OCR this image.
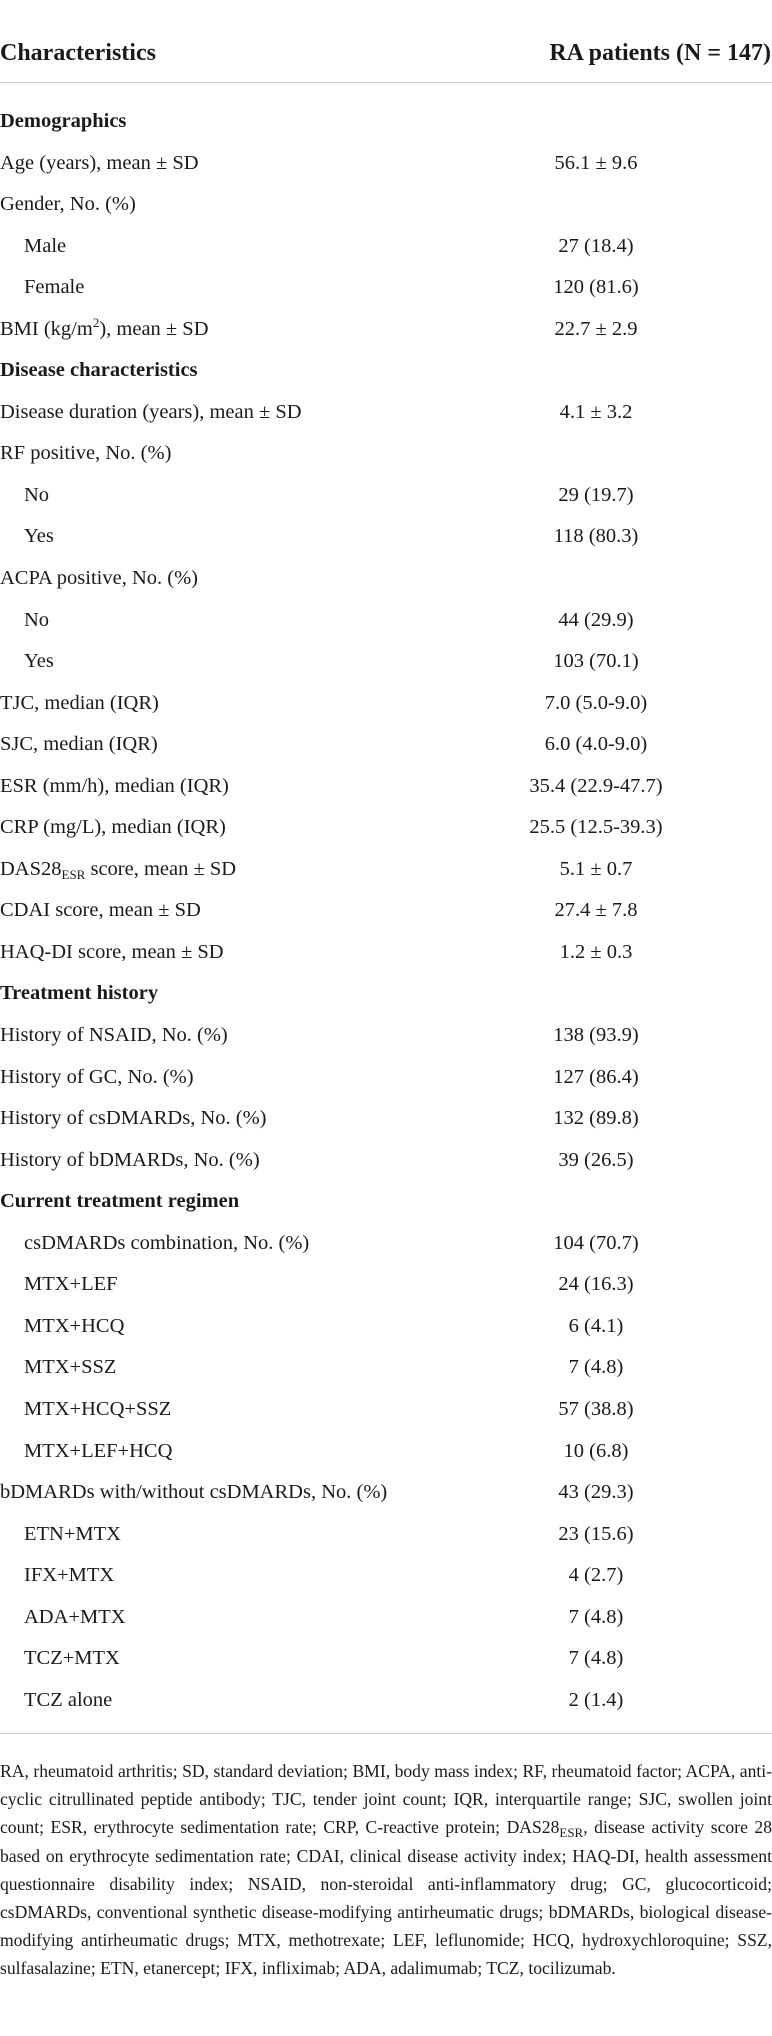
Characteristics	RA patients (N = 147)
Demographics
Age (years), mean ± SD	56.1 ± 9.6
Gender, No. (%)
Male	27 (18.4)
Female	120 (81.6)
BMI $(kg/m^2)$, mean ± SD	22.7 ± 2.9
Disease characteristics
Disease duration (years), mean ± SD	4.1 ± 3.2
RF positive, No. (%)
No	29 (19.7)
Yes	118 (80.3)
ACPA positive, No. (%)
No	44 (29.9)
Yes	103 (70.1)
TJC, median (IQR)	7.0 (5.0-9.0)
SJC, median (IQR)	6.0 (4.0-9.0)
ESR (mm/h), median (IQR)	35.4 (22.9-47.7)
CRP (mg/L), median (IQR)	25.5 (12.5-39.3)
$DAS28_{ESR}$ score, mean ± SD	5.1 ± 0.7
CDAI score, mean ± SD	27.4 ± 7.8
HAQ-DI score, mean ± SD	1.2 ± 0.3
Treatment history
History of NSAID, No. (%)	138 (93.9)
History of GC, No. (%)	127 (86.4)
History of csDMARDs, No. (%)	132 (89.8)
History of bDMARDs, No. (%)	39 (26.5)
Current treatment regimen
csDMARDs combination, No. (%)	104 (70.7)
MTX+LEF	24 (16.3)
MTX+HCQ	6 (4.1)
MTX+SSZ	7 (4.8)
MTX+HCQ+SSZ	57 (38.8)
MTX+LEF+HCQ	10 (6.8)
bDMARDs with/without csDMARDs, No. (%)	43 (29.3)
ETN+MTX	23 (15.6)
IFX+MTX	4 (2.7)
ADA+MTX	7 (4.8)
TCZ+MTX	7 (4.8)
TCZ alone	2 (1.4)
RA, rheumatoid arthritis; SD, standard deviation; BMI, body mass index; RF, rheumatoid factor; ACPA, anti-cyclic citrullinated peptide antibody; TJC, tender joint count; IQR, interquartile range; SJC, swollen joint count; ESR, erythrocyte sedimentation rate; CRP, C-reactive protein; $DAS28_{ESR}$, disease activity score 28 based on erythrocyte sedimentation rate; CDAI, clinical disease activity index; HAQ-DI, health assessment questionnaire disability index; NSAID, non-steroidal anti-inflammatory drug; GC, glucocorticoid; csDMARDs, conventional synthetic disease-modifying antirheumatic drugs; bDMARDs, biological disease-modifying antirheumatic drugs; MTX, methotrexate; LEF, leflunomide; HCQ, hydroxychloroquine; SSZ, sulfasalazine; ETN, etanercept; IFX, infliximab; ADA, adalimumab; TCZ, tocilizumab.
